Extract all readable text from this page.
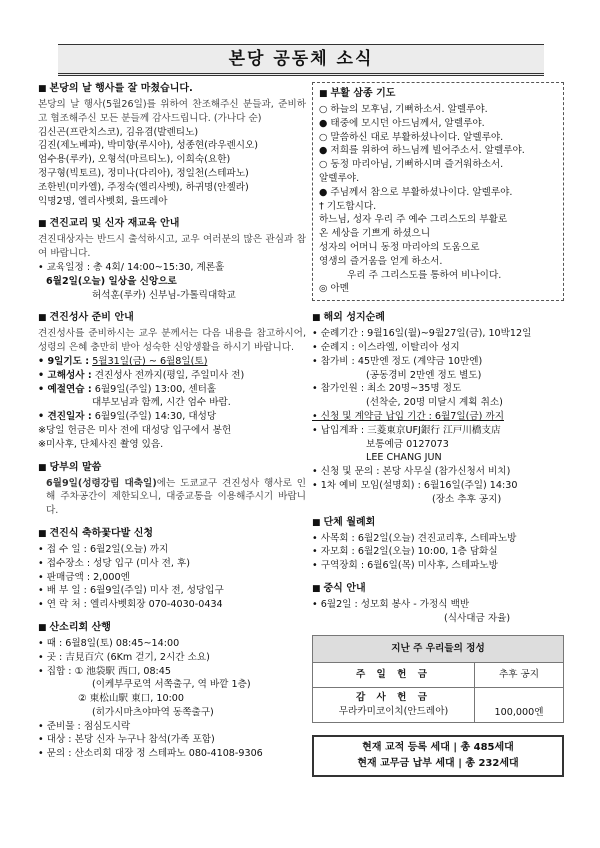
본당 공동체 소식
■ 본당의 날 행사를 잘 마쳤습니다.
본당의 날 행사(5월26일)를 위하여 찬조해주신 분들과, 준비하고 협조해주신 모든 분들께 감사드립니다. (가나다 순)
김신곤(프란치스코), 김유겸(발렌티노)
김진(제노베파), 박미향(루시아), 성종현(라우렌시오)
엄수용(루카), 오형석(마르티노), 이희숙(요한)
정구형(빅토르), 정미나(다리아), 정일천(스테파노)
조한빈(미카엘), 주정숙(엘리사벳), 하귀명(안젤라)
익명2명, 엘리사벳회, 율뜨레아
■ 견진교리 및 신자 재교육 안내
견진대상자는 반드시 출석하시고, 교우 여러분의 많은 관심과 참여 바랍니다.
• 교육일정 : 총 4회/ 14:00~15:30, 계론홀
6월2일(오늘) 일상을 신앙으로
허석훈(루카) 신부님-가톨릭대학교
■ 견진성사 준비 안내
견진성사를 준비하시는 교우 분께서는 다음 내용을 참고하시어, 성령의 은혜 충만히 받아 성숙한 신앙생활을 하시기 바랍니다.
• 9일기도 : 5월31일(금) ~ 6월8일(토)
• 고해성사 : 견진성사 전까지(평일, 주일미사 전)
• 예절연습 : 6월9일(주일) 13:00, 센터홀
대부모님과 함께, 시간 엄수 바람.
• 견진일자 : 6월9일(주일) 14:30, 대성당
※당일 헌금은 미사 전에 대성당 입구에서 봉헌
※미사후, 단체사진 촬영 있음.
■ 당부의 말씀
6월9일(성령강림 대축일)에는 도쿄교구 견진성사 행사로 인해 주차공간이 제한되오니, 대중교통을 이용해주시기 바랍니다.
■ 견진식 축하꽃다발 신청
• 접 수 일 : 6월2일(오늘) 까지
• 접수장소 : 성당 입구 (미사 전, 후)
• 판매금액 : 2,000엔
• 배 부 일 : 6월9일(주일) 미사 전, 성당입구
• 연 락 처 : 엘리사벳회장 070-4030-0434
■ 산소리회 산행
• 때 : 6월8일(토) 08:45~14:00
• 곳 : 吉見百穴 (6Km 걷기, 2시간 소요)
• 집합 : ① 池袋駅 西口, 08:45
(이케부쿠로역 서쪽출구, 역 바깥 1층)
② 東松山駅 東口, 10:00
(히가시마츠야마역 동쪽출구)
• 준비물 : 점심도시락
• 대상 : 본당 신자 누구나 참석(가족 포함)
• 문의 : 산소리회 대장 정 스테파노 080-4108-9306
■ 부활 삼종 기도
○ 하늘의 모후님, 기뻐하소서. 알렐루야.
● 태중에 모시던 아드님께서, 알렐루야.
○ 말씀하신 대로 부활하셨나이다. 알렐루야.
● 저희를 위하여 하느님께 빌어주소서. 알렐루야.
○ 동정 마리아님, 기뻐하시며 즐거워하소서.
알렐루야.
● 주님께서 참으로 부활하셨나이다. 알렐루야.
† 기도합시다.
하느님, 성자 우리 주 예수 그리스도의 부활로
온 세상을 기쁘게 하셨으니
성자의 어머니 동정 마리아의 도움으로
영생의 즐거움을 얻게 하소서.
우리 주 그리스도를 통하여 비나이다.
◎ 아멘
■ 해외 성지순례
• 순례기간 : 9월16일(월)~9월27일(금), 10박12일
• 순례지 : 이스라엘, 이탈리아 성지
• 참가비 : 45만엔 정도 (계약금 10만엔)
(공동경비 2만엔 정도 별도)
• 참가인원 : 최소 20명~35명 정도
(선착순, 20명 미달시 계획 취소)
• 신청 및 계약금 납입 기간 : 6월7일(금) 까지
• 납입계좌 : 三菱東京UFJ銀行 江戸川橋支店
보통예금 0127073
LEE CHANG JUN
• 신청 및 문의 : 본당 사무실 (참가신청서 비치)
• 1차 예비 모임(설명회) : 6월16일(주일) 14:30
(장소 추후 공지)
■ 단체 월례회
• 사목회 : 6월2일(오늘) 견진교리후, 스테파노방
• 자모회 : 6월2일(오늘) 10:00, 1층 담화실
• 구역장회 : 6월6일(목) 미사후, 스테파노방
■ 중식 안내
• 6월2일 : 성모회 봉사 - 가정식 백반
(식사대금 자율)
지난 주 우리들의 정성	
주 일 헌 금	추후 공지

감 사 헌 금
무라카미코이치(안드레아)	100,000엔
현재 교적 등록 세대 | 총 485세대
현재 교무금 납부 세대 | 총 232세대
